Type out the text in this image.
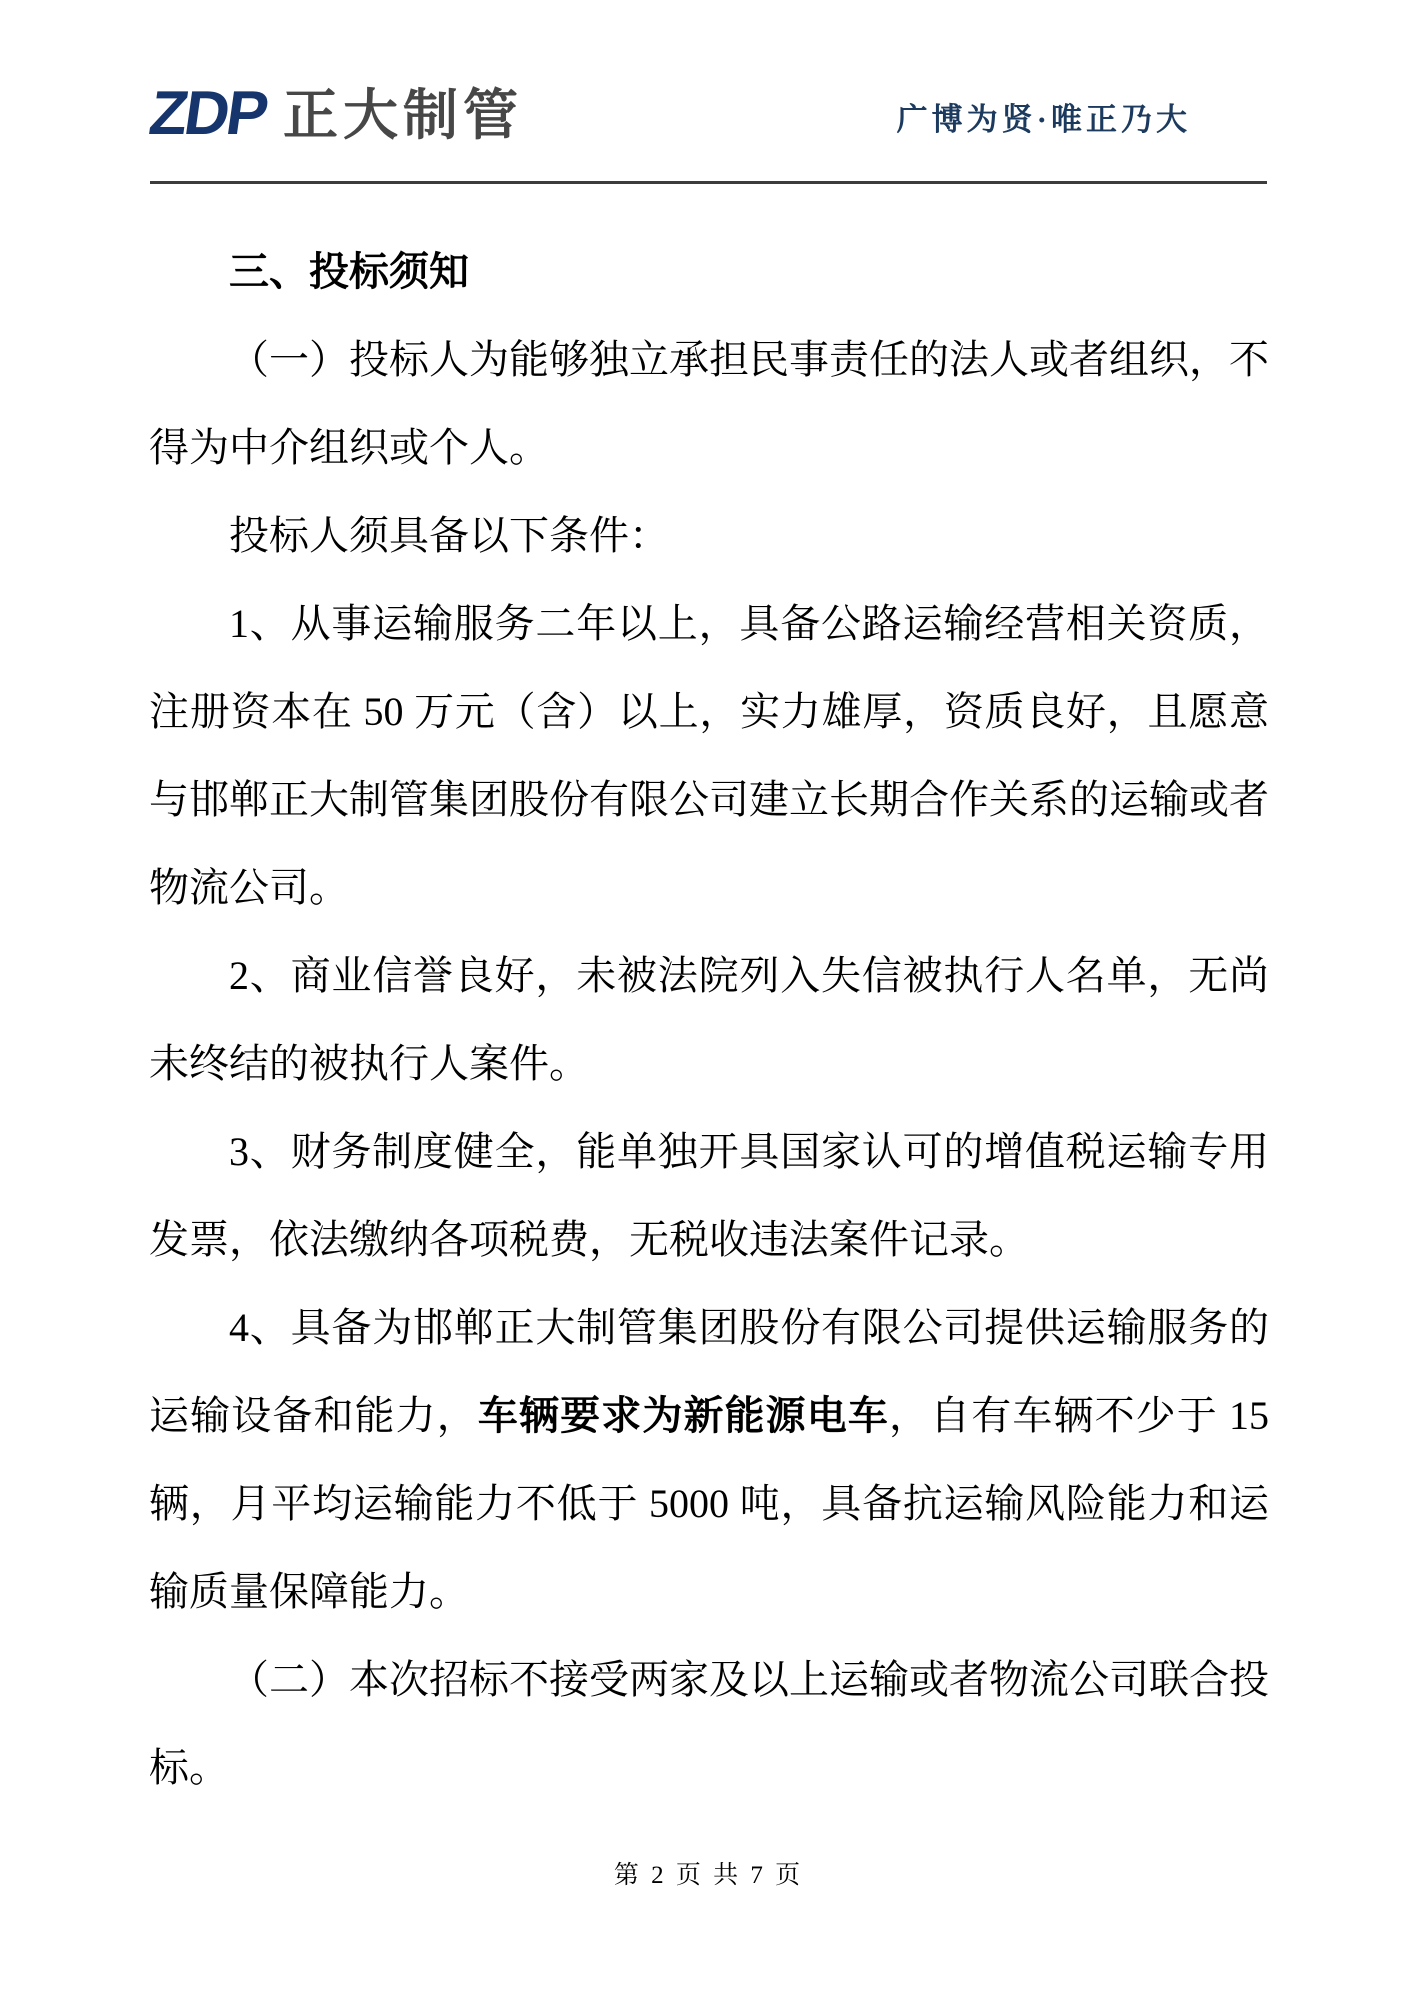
ZDP 正大制管	广博为贤·唯正乃大

三、投标须知

（一）投标人为能够独立承担民事责任的法人或者组织，不得为中介组织或个人。

投标人须具备以下条件：

1、从事运输服务二年以上，具备公路运输经营相关资质，注册资本在 50 万元（含）以上，实力雄厚，资质良好，且愿意与邯郸正大制管集团股份有限公司建立长期合作关系的运输或者物流公司。

2、商业信誉良好，未被法院列入失信被执行人名单，无尚未终结的被执行人案件。

3、财务制度健全，能单独开具国家认可的增值税运输专用发票，依法缴纳各项税费，无税收违法案件记录。

4、具备为邯郸正大制管集团股份有限公司提供运输服务的运输设备和能力，车辆要求为新能源电车，自有车辆不少于 15 辆，月平均运输能力不低于 5000 吨，具备抗运输风险能力和运输质量保障能力。

（二）本次招标不接受两家及以上运输或者物流公司联合投标。

第 2 页 共 7 页
